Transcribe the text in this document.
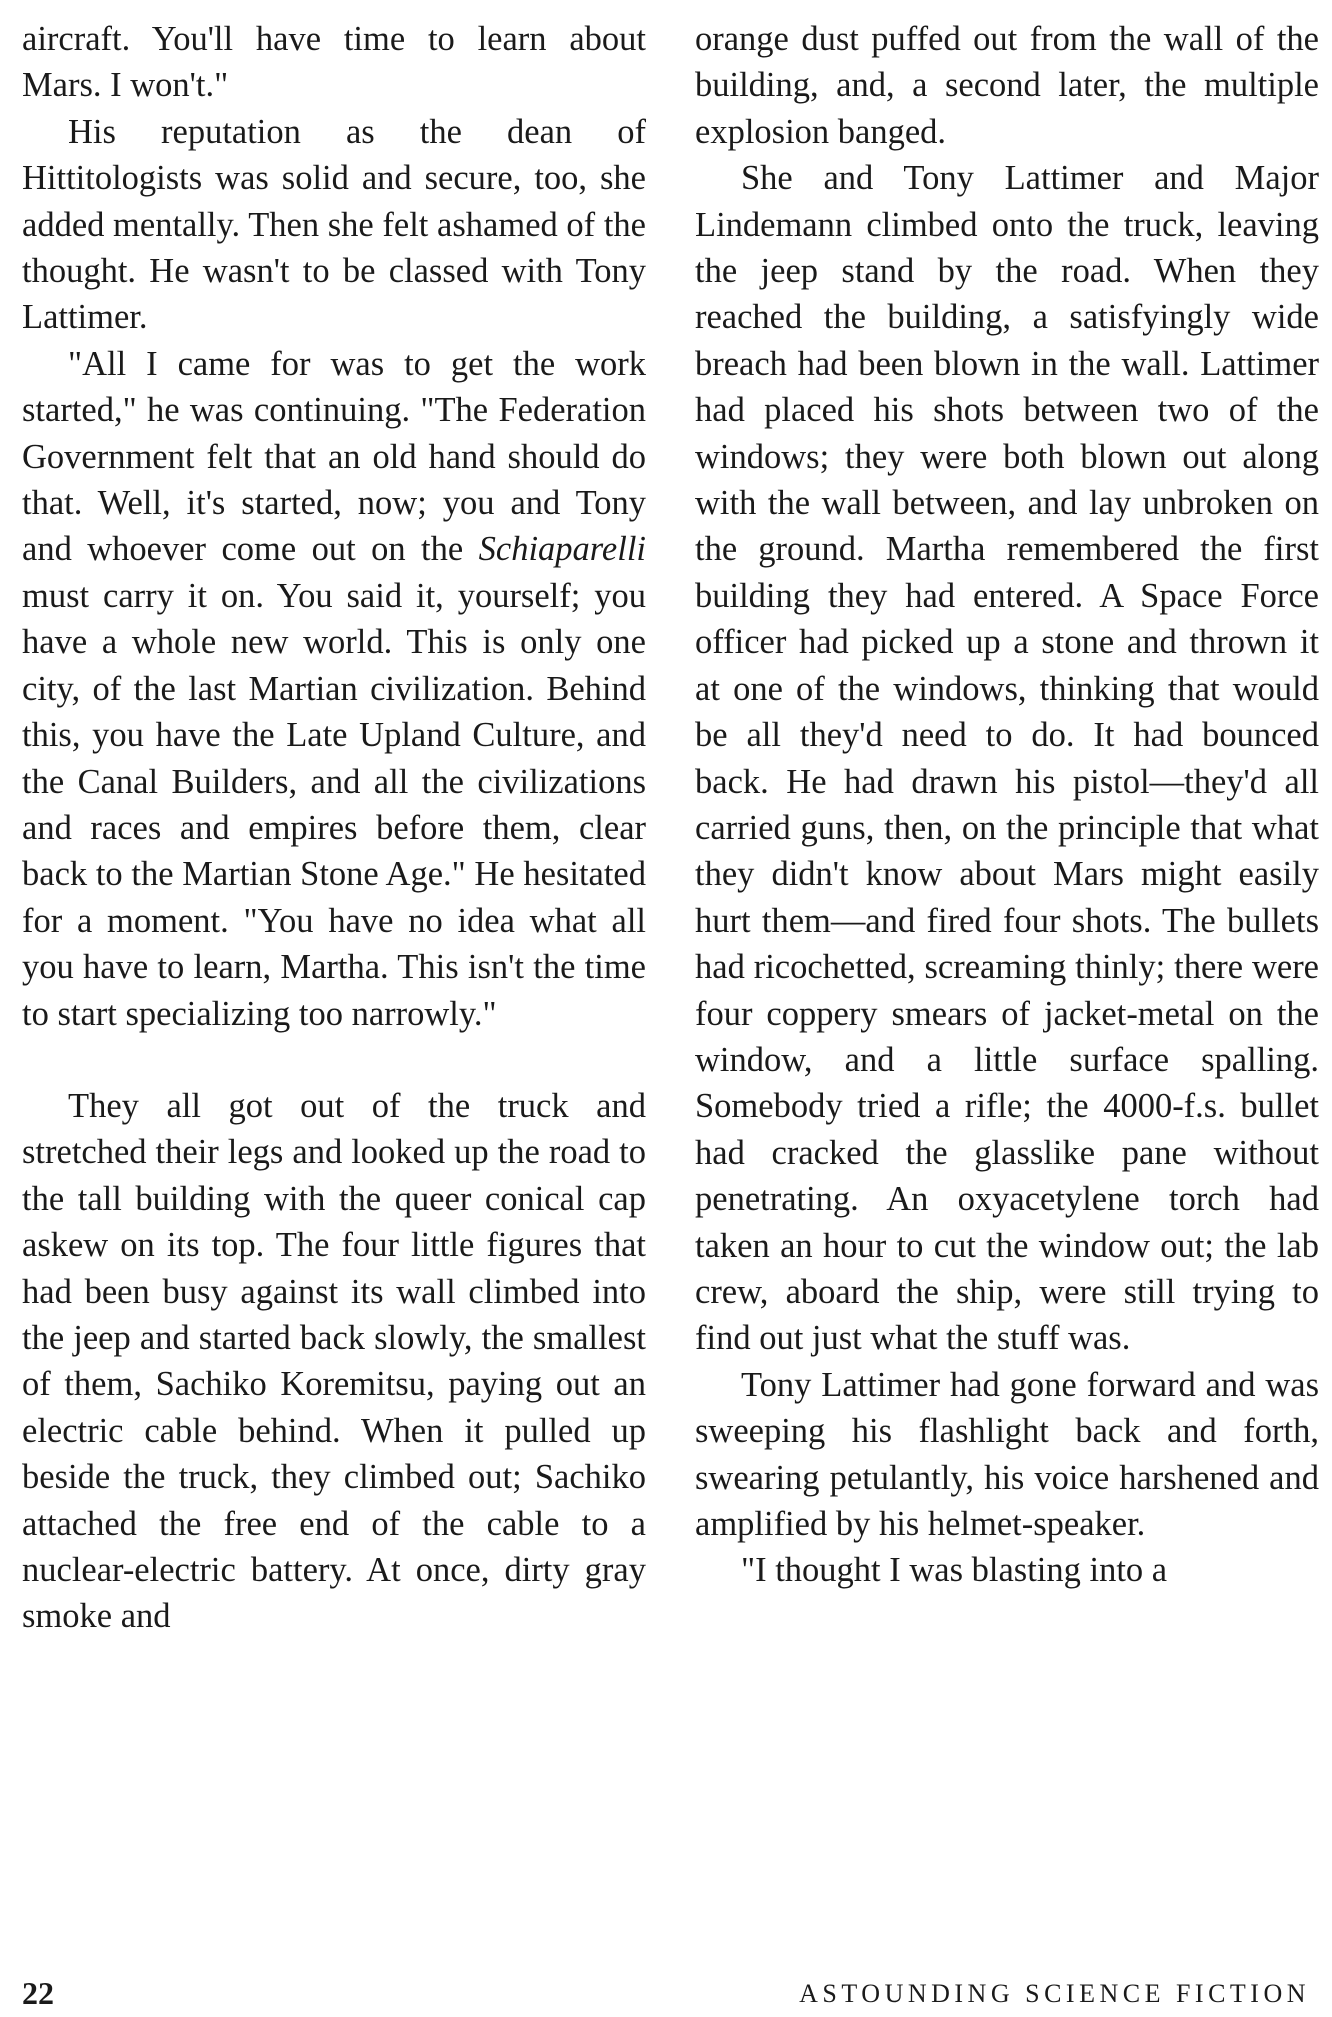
aircraft. You'll have time to learn about Mars. I won't."

His reputation as the dean of Hittitologists was solid and secure, too, she added mentally. Then she felt ashamed of the thought. He wasn't to be classed with Tony Lattimer.

"All I came for was to get the work started," he was continuing. "The Federation Government felt that an old hand should do that. Well, it's started, now; you and Tony and whoever come out on the Schiaparelli must carry it on. You said it, yourself; you have a whole new world. This is only one city, of the last Martian civilization. Behind this, you have the Late Upland Culture, and the Canal Builders, and all the civilizations and races and empires before them, clear back to the Martian Stone Age." He hesitated for a moment. "You have no idea what all you have to learn, Martha. This isn't the time to start specializing too narrowly."

They all got out of the truck and stretched their legs and looked up the road to the tall building with the queer conical cap askew on its top. The four little figures that had been busy against its wall climbed into the jeep and started back slowly, the smallest of them, Sachiko Koremitsu, paying out an electric cable behind. When it pulled up beside the truck, they climbed out; Sachiko attached the free end of the cable to a nuclear-electric battery. At once, dirty gray smoke and

orange dust puffed out from the wall of the building, and, a second later, the multiple explosion banged.

She and Tony Lattimer and Major Lindemann climbed onto the truck, leaving the jeep stand by the road. When they reached the building, a satisfyingly wide breach had been blown in the wall. Lattimer had placed his shots between two of the windows; they were both blown out along with the wall between, and lay unbroken on the ground. Martha remembered the first building they had entered. A Space Force officer had picked up a stone and thrown it at one of the windows, thinking that would be all they'd need to do. It had bounced back. He had drawn his pistol—they'd all carried guns, then, on the principle that what they didn't know about Mars might easily hurt them—and fired four shots. The bullets had ricochetted, screaming thinly; there were four coppery smears of jacket-metal on the window, and a little surface spalling. Somebody tried a rifle; the 4000-f.s. bullet had cracked the glasslike pane without penetrating. An oxyacetylene torch had taken an hour to cut the window out; the lab crew, aboard the ship, were still trying to find out just what the stuff was.

Tony Lattimer had gone forward and was sweeping his flashlight back and forth, swearing petulantly, his voice harshened and amplified by his helmet-speaker.

"I thought I was blasting into a

22	ASTOUNDING SCIENCE FICTION
